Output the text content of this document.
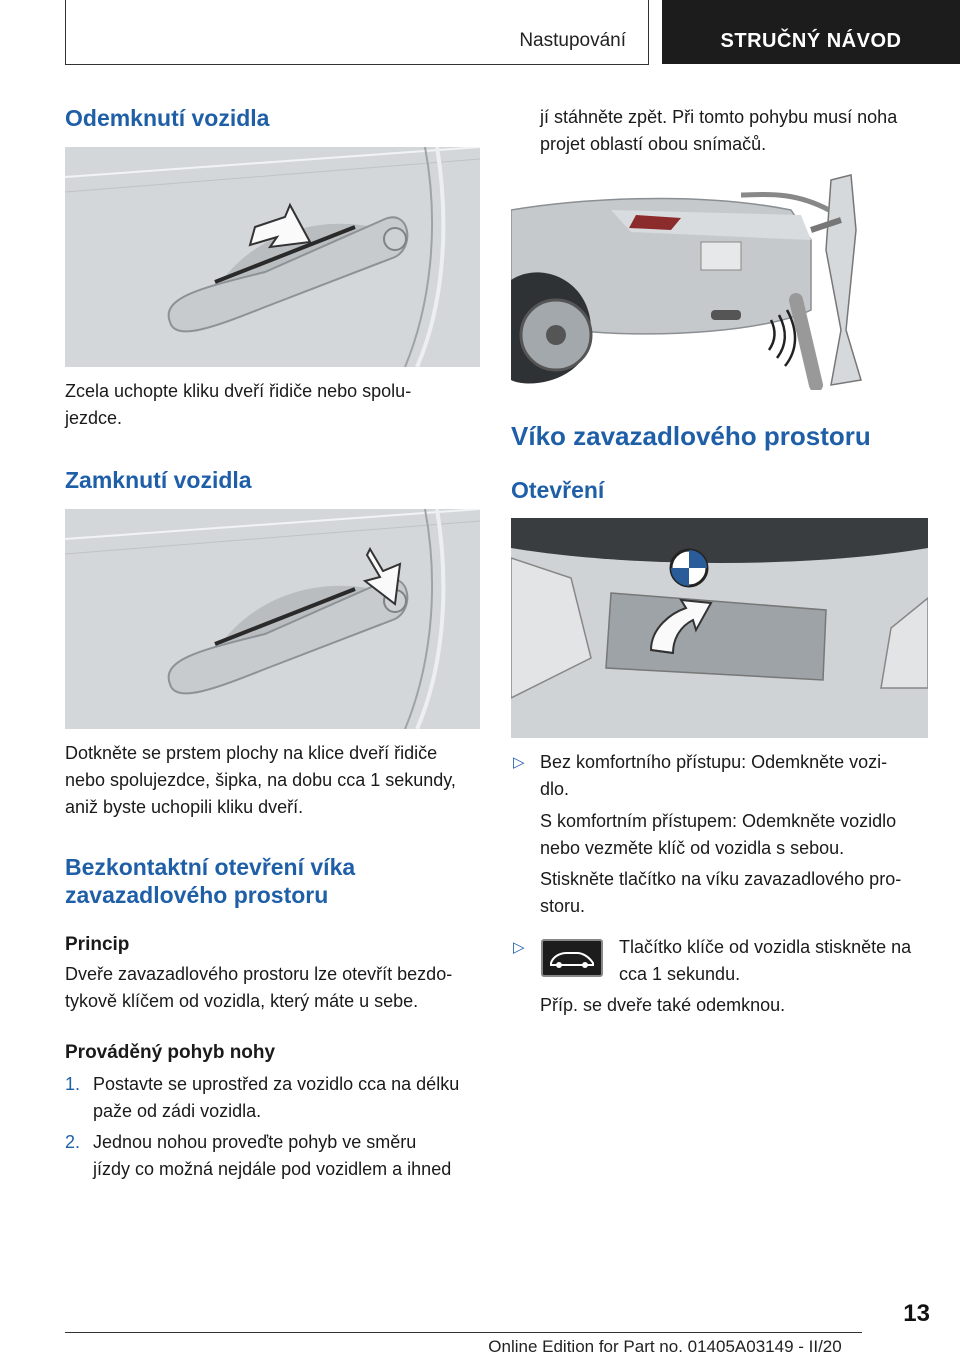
Nastupování	STRUČNÝ NÁVOD
Odemknutí vozidla

Zcela uchopte kliku dveří řidiče nebo spolu-

jezdce.

Zamknutí vozidla

Dotkněte se prstem plochy na klice dveří řidiče

nebo spolujezdce, šipka, na dobu cca 1 sekundy,

aniž byste uchopili kliku dveří.

Bezkontaktní otevření víka
zavazadlového prostoru
Princip

Dveře zavazadlového prostoru lze otevřít bezdo-

tykově klíčem od vozidla, který máte u sebe.

Prováděný pohyb nohy
1. Postavte se uprostřed za vozidlo cca na délku

paže od zádi vozidla.

2. Jednou nohou proveďte pohyb ve směru

jízdy co možná nejdále pod vozidlem a ihned

jí stáhněte zpět. Při tomto pohybu musí noha

projet oblastí obou snímačů.

Víko zavazadlového prostoru
Otevření
▷ Bez komfortního přístupu: Odemkněte vozi-

dlo.

S komfortním přístupem: Odemkněte vozidlo

nebo vezměte klíč od vozidla s sebou.

Stiskněte tlačítko na víku zavazadlového pro-

storu.

▷	Tlačítko klíče od vozidla stiskněte na

cca 1 sekundu.

Příp. se dveře také odemknou.

13
Online Edition for Part no. 01405A03149 - II/20
